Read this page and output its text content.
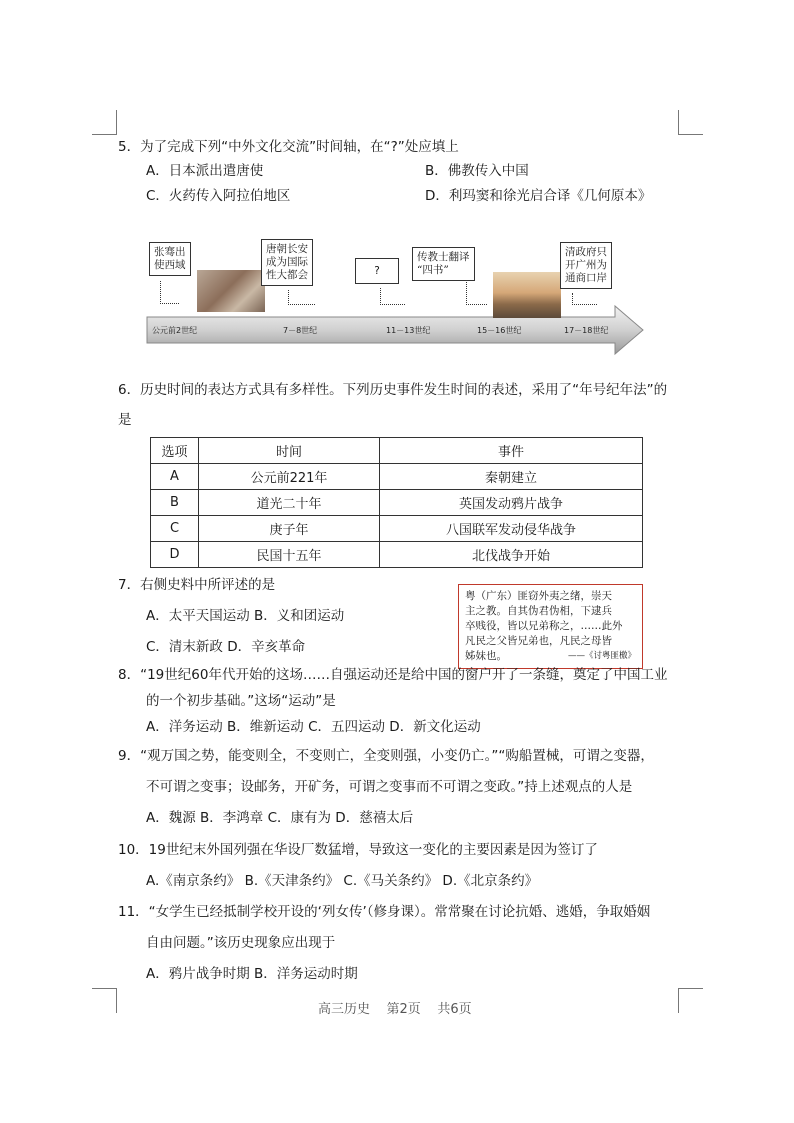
5．为了完成下列“中外文化交流”时间轴，在“?”处应填上
A．日本派出遣唐使	B．佛教传入中国
C．火药传入阿拉伯地区	D．利玛窦和徐光启合译《几何原本》
张骞出
使西域
唐朝长安
成为国际
性大都会	?
传教士翻译
“四书”
清政府只
开广州为
通商口岸
公元前2世纪	7－8世纪	11－13世纪	15－16世纪	17－18世纪
6．历史时间的表达方式具有多样性。下列历史事件发生时间的表述，采用了“年号纪年法”的
是
选项	时间	事件
A	公元前221年	秦朝建立
B	道光二十年	英国发动鸦片战争
C	庚子年	八国联军发动侵华战争
D	民国十五年	北伐战争开始
7．右侧史料中所评述的是
A．太平天国运动 B．义和团运动
C．清末新政 D．辛亥革命
粤（广东）匪窃外夷之绪，崇天
主之教。自其伪君伪相，下逮兵
卒贱役，皆以兄弟称之，……此外
凡民之父皆兄弟也，凡民之母皆
姊妹也。	——《讨粤匪檄》
8．“19世纪60年代开始的这场……自强运动还是给中国的窗户开了一条缝，奠定了中国工业
的一个初步基础。”这场“运动”是
A．洋务运动 B．维新运动 C．五四运动 D．新文化运动
9．“观万国之势，能变则全，不变则亡，全变则强，小变仍亡。”“购船置械，可谓之变器，
不可谓之变事；设邮务，开矿务，可谓之变事而不可谓之变政。”持上述观点的人是
A．魏源 B．李鸿章 C．康有为 D．慈禧太后
10．19世纪末外国列强在华设厂数猛增，导致这一变化的主要因素是因为签订了
A.《南京条约》 B.《天津条约》 C.《马关条约》 D.《北京条约》
11．“女学生已经抵制学校开设的‘列女传’（修身课）。常常聚在讨论抗婚、逃婚，争取婚姻
自由问题。”该历史现象应出现于
A．鸦片战争时期 B．洋务运动时期
高三历史    第2页    共6页
